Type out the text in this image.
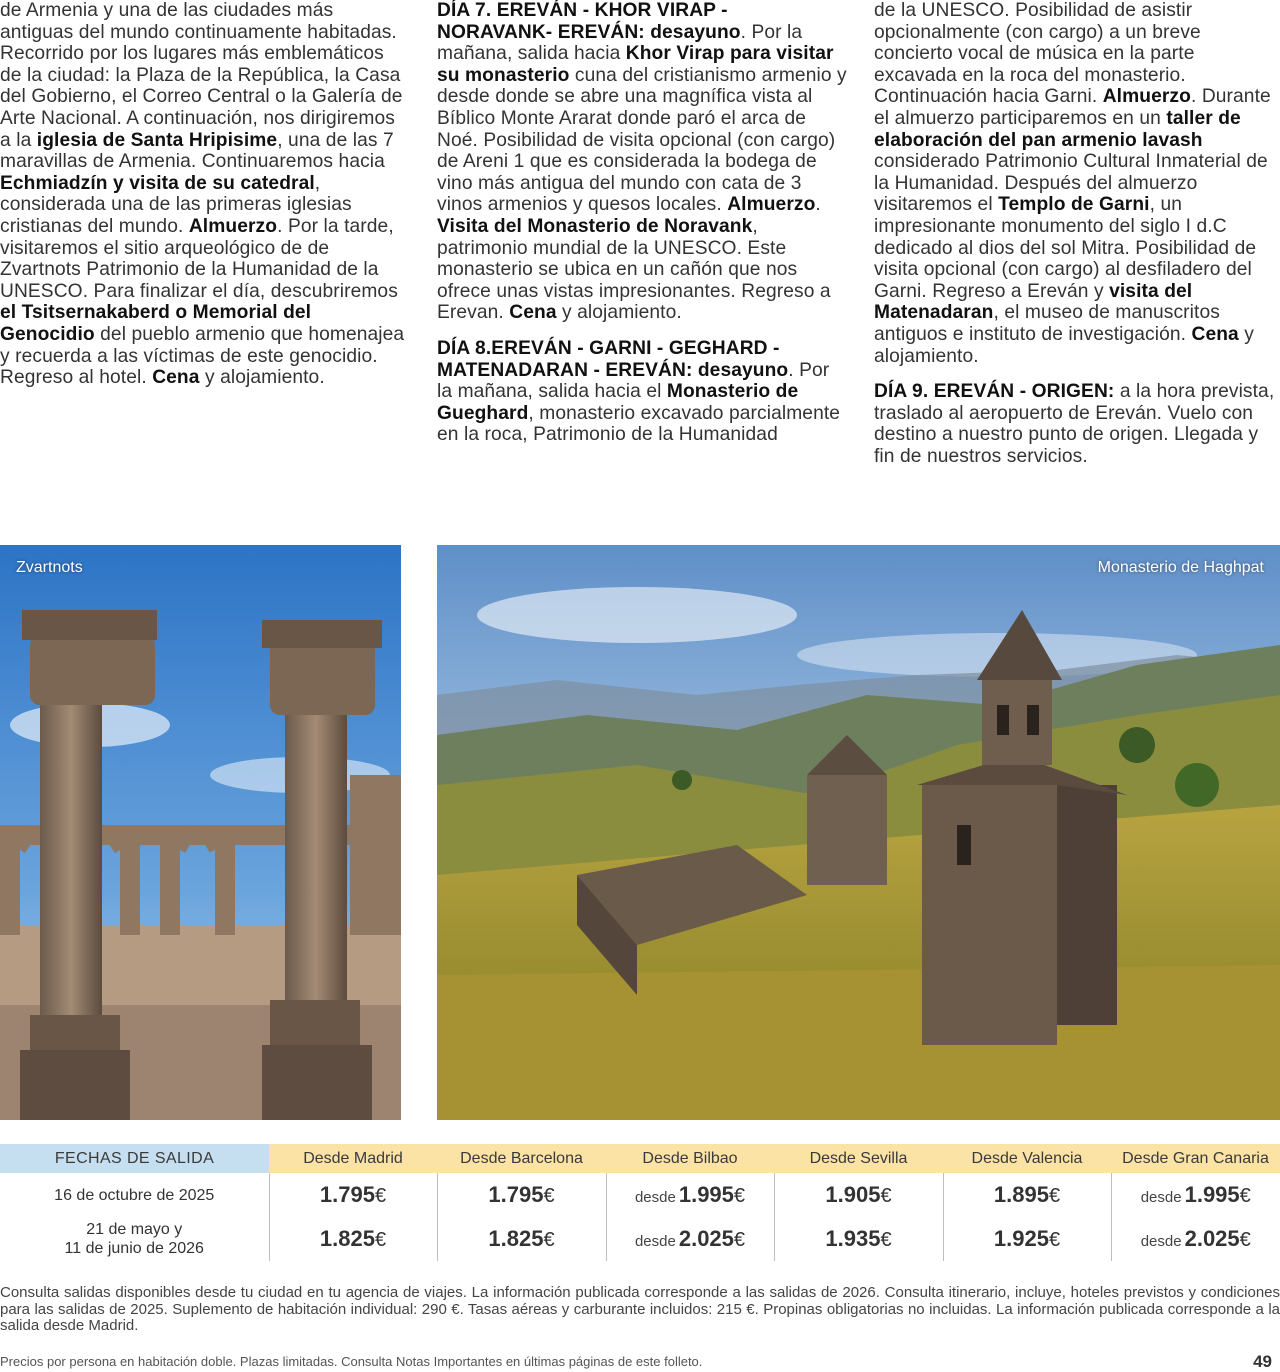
de Armenia y una de las ciudades más antiguas del mundo continuamente habitadas. Recorrido por los lugares más emblemáticos de la ciudad: la Plaza de la República, la Casa del Gobierno, el Correo Central o la Galería de Arte Nacional. A continuación, nos dirigiremos a la iglesia de Santa Hripisime, una de las 7 maravillas de Armenia. Continuaremos hacia Echmiadzín y visita de su catedral, considerada una de las primeras iglesias cristianas del mundo. Almuerzo. Por la tarde, visitaremos el sitio arqueológico de de Zvartnots Patrimonio de la Humanidad de la UNESCO. Para finalizar el día, descubriremos el Tsitsernakaberd o Memorial del Genocidio del pueblo armenio que homenajea y recuerda a las víctimas de este genocidio. Regreso al hotel. Cena y alojamiento.

DÍA 7. EREVÁN - KHOR VIRAP - NORAVANK- EREVÁN: desayuno. Por la mañana, salida hacia Khor Virap para visitar su monasterio cuna del cristianismo armenio y desde donde se abre una magnífica vista al Bíblico Monte Ararat donde paró el arca de Noé. Posibilidad de visita opcional (con cargo) de Areni 1 que es considerada la bodega de vino más antigua del mundo con cata de 3 vinos armenios y quesos locales. Almuerzo. Visita del Monasterio de Noravank, patrimonio mundial de la UNESCO. Este monasterio se ubica en un cañón que nos ofrece unas vistas impresionantes. Regreso a Erevan. Cena y alojamiento.

DÍA 8.EREVÁN - GARNI - GEGHARD - MATENADARAN - EREVÁN: desayuno. Por la mañana, salida hacia el Monasterio de Gueghard, monasterio excavado parcialmente en la roca, Patrimonio de la Humanidad

de la UNESCO. Posibilidad de asistir opcionalmente (con cargo) a un breve concierto vocal de música en la parte excavada en la roca del monasterio. Continuación hacia Garni. Almuerzo. Durante el almuerzo participaremos en un taller de elaboración del pan armenio lavash considerado Patrimonio Cultural Inmaterial de la Humanidad. Después del almuerzo visitaremos el Templo de Garni, un impresionante monumento del siglo I d.C dedicado al dios del sol Mitra. Posibilidad de visita opcional (con cargo) al desfiladero del Garni. Regreso a Ereván y visita del Matenadaran, el museo de manuscritos antiguos e instituto de investigación. Cena y alojamiento.

DÍA 9. EREVÁN - ORIGEN: a la hora prevista, traslado al aeropuerto de Ereván. Vuelo con destino a nuestro punto de origen. Llegada y fin de nuestros servicios.

Zvartnots	Monasterio de Haghpat
FECHAS DE SALIDA	Desde Madrid	Desde Barcelona	Desde Bilbao	Desde Sevilla	Desde Valencia	Desde Gran Canaria
16 de octubre de 2025	1.795€	1.795€	desde 1.995€	1.905€	1.895€	desde 1.995€
21 de mayo y
11 de junio de 2026	1.825€	1.825€	desde 2.025€	1.935€	1.925€	desde 2.025€
Consulta salidas disponibles desde tu ciudad en tu agencia de viajes. La información publicada corresponde a las salidas de 2026. Consulta itinerario, incluye, hoteles previstos y condiciones para las salidas de 2025. Suplemento de habitación individual: 290 €. Tasas aéreas y carburante incluidos: 215 €. Propinas obligatorias no incluidas. La información publicada corresponde a la salida desde Madrid.
Precios por persona en habitación doble. Plazas limitadas. Consulta Notas Importantes en últimas páginas de este folleto.	49
